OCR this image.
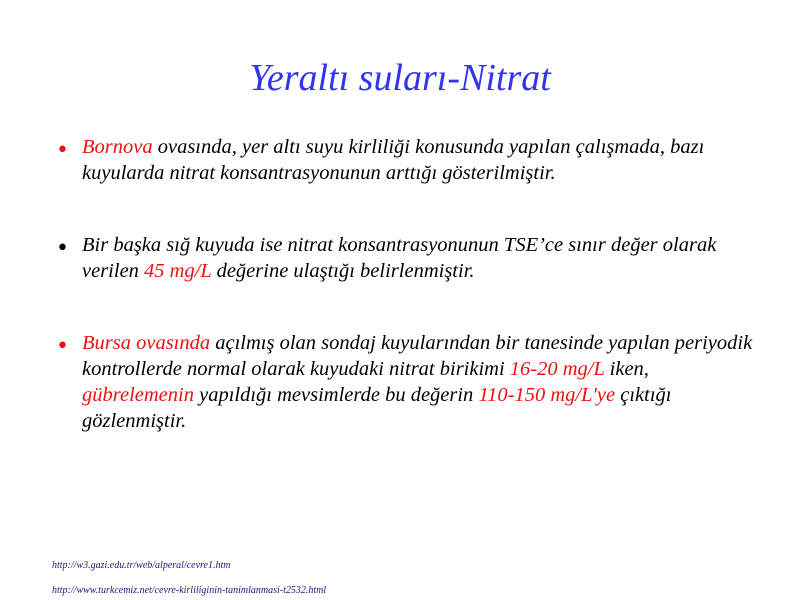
Yeraltı suları-Nitrat
• Bornova ovasında, yer altı suyu kirliliği konusunda yapılan çalışmada, bazı kuyularda nitrat konsantrasyonunun arttığı gösterilmiştir.
• Bir başka sığ kuyuda ise nitrat konsantrasyonunun TSE’ce sınır değer olarak verilen 45 mg/L değerine ulaştığı belirlenmiştir.
• Bursa ovasında açılmış olan sondaj kuyularından bir tanesinde yapılan periyodik kontrollerde normal olarak kuyudaki nitrat birikimi 16-20 mg/L iken, gübrelemenin yapıldığı mevsimlerde bu değerin 110-150 mg/L'ye çıktığı gözlenmiştir.
http://w3.gazi.edu.tr/web/alperal/cevre1.htm
http://www.turkcemiz.net/cevre-kirliliginin-tanimlanmasi-t2532.html
